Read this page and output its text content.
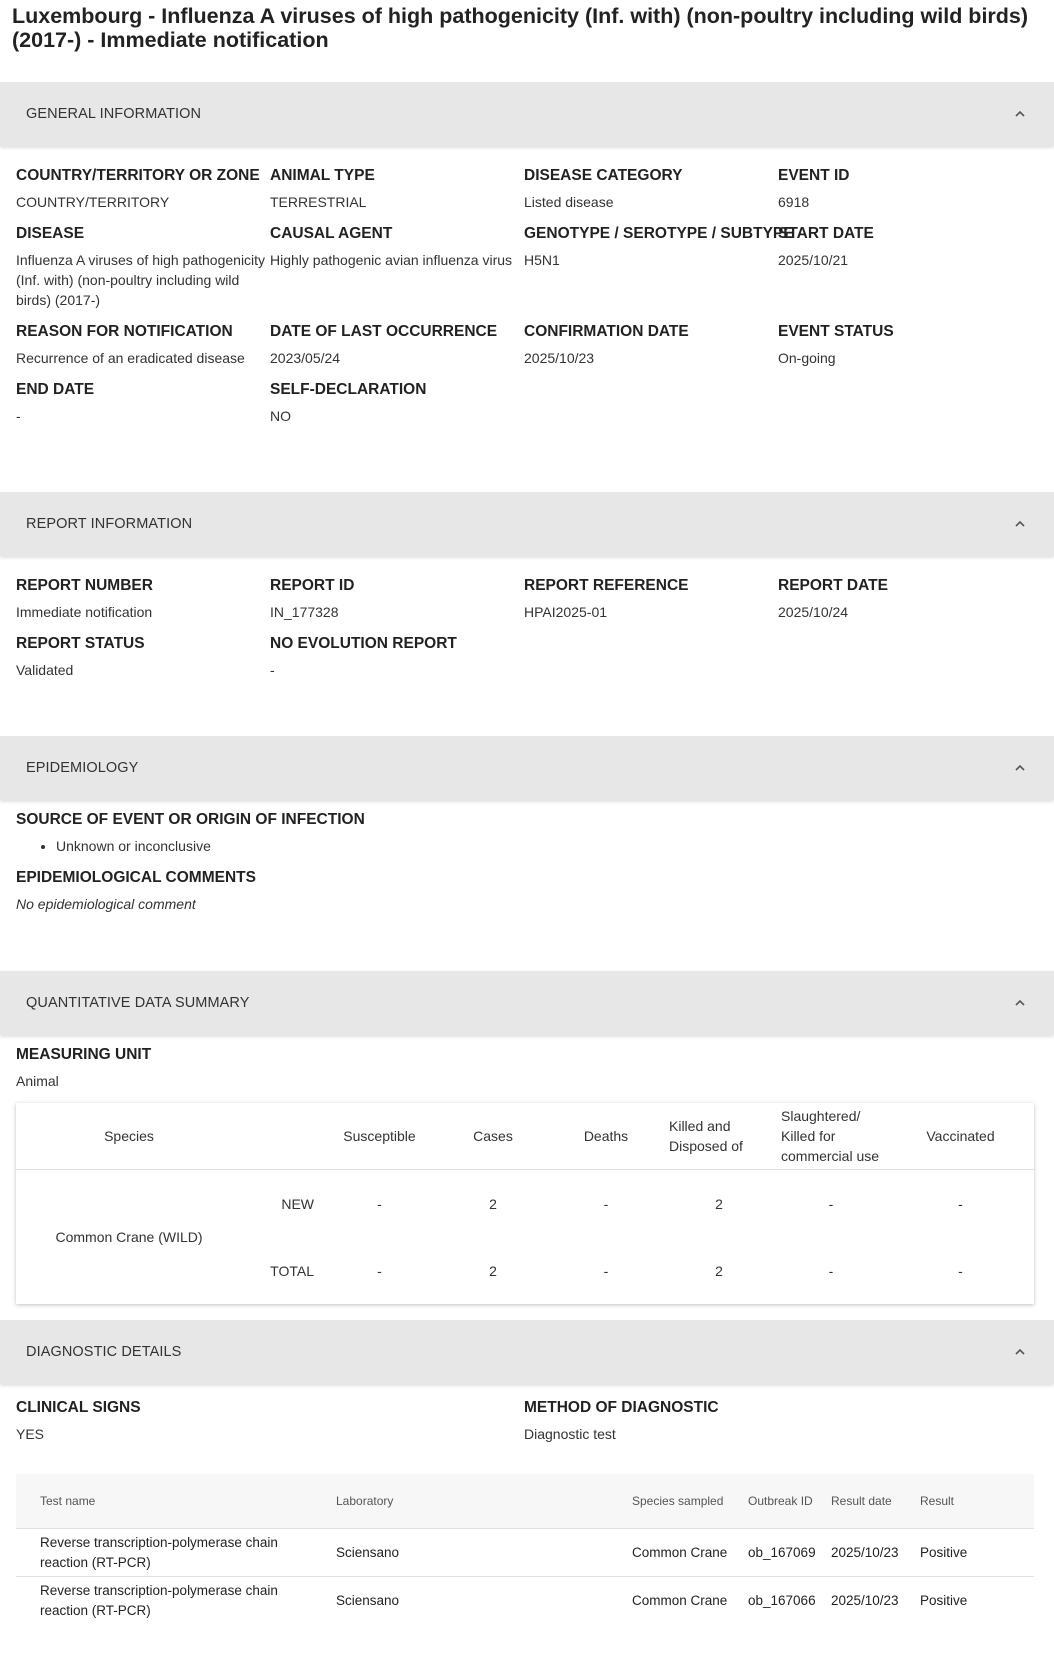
Luxembourg - Influenza A viruses of high pathogenicity (Inf. with) (non-poultry including wild birds) (2017-) - Immediate notification
GENERAL INFORMATION
COUNTRY/TERRITORY OR ZONE
COUNTRY/TERRITORY
ANIMAL TYPE
TERRESTRIAL
DISEASE CATEGORY
Listed disease
EVENT ID
6918
DISEASE
Influenza A viruses of high pathogenicity (Inf. with) (non-poultry including wild birds) (2017-)
CAUSAL AGENT
Highly pathogenic avian influenza virus
GENOTYPE / SEROTYPE / SUBTYPE
H5N1
START DATE
2025/10/21
REASON FOR NOTIFICATION
Recurrence of an eradicated disease
DATE OF LAST OCCURRENCE
2023/05/24
CONFIRMATION DATE
2025/10/23
EVENT STATUS
On-going
END DATE
-
SELF-DECLARATION
NO
REPORT INFORMATION
REPORT NUMBER
Immediate notification
REPORT ID
IN_177328
REPORT REFERENCE
HPAI2025-01
REPORT DATE
2025/10/24
REPORT STATUS
Validated
NO EVOLUTION REPORT
-
EPIDEMIOLOGY
SOURCE OF EVENT OR ORIGIN OF INFECTION
• Unknown or inconclusive
EPIDEMIOLOGICAL COMMENTS
No epidemiological comment
QUANTITATIVE DATA SUMMARY
MEASURING UNIT
Animal
Species		Susceptible	Cases	Deaths	Killed and Disposed of	Slaughtered/ Killed for commercial use	Vaccinated
Common Crane (WILD)	NEW	-	2	-	2	-	-
	TOTAL	-	2	-	2	-	-
DIAGNOSTIC DETAILS
CLINICAL SIGNS
YES
METHOD OF DIAGNOSTIC
Diagnostic test
Test name	Laboratory	Species sampled	Outbreak ID	Result date	Result
Reverse transcription-polymerase chain reaction (RT-PCR)	Sciensano	Common Crane	ob_167069	2025/10/23	Positive
Reverse transcription-polymerase chain reaction (RT-PCR)	Sciensano	Common Crane	ob_167066	2025/10/23	Positive
